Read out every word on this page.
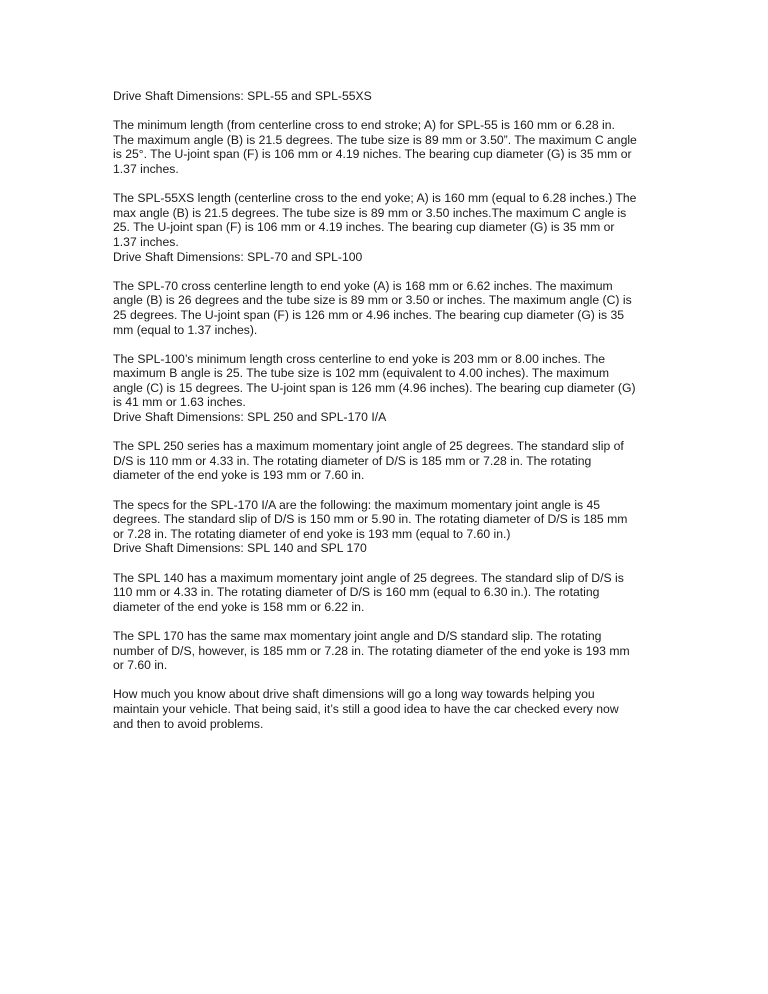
Drive Shaft Dimensions: SPL-55 and SPL-55XS
The minimum length (from centerline cross to end stroke; A) for SPL-55 is 160 mm or 6.28 in.
The maximum angle (B) is 21.5 degrees. The tube size is 89 mm or 3.50”. The maximum C angle
is 25°. The U-joint span (F) is 106 mm or 4.19 niches. The bearing cup diameter (G) is 35 mm or
1.37 inches.
The SPL-55XS length (centerline cross to the end yoke; A) is 160 mm (equal to 6.28 inches.) The
max angle (B) is 21.5 degrees. The tube size is 89 mm or 3.50 inches.The maximum C angle is
25. The U-joint span (F) is 106 mm or 4.19 inches. The bearing cup diameter (G) is 35 mm or
1.37 inches.
Drive Shaft Dimensions: SPL-70 and SPL-100
The SPL-70 cross centerline length to end yoke (A) is 168 mm or 6.62 inches. The maximum
angle (B) is 26 degrees and the tube size is 89 mm or 3.50 or inches. The maximum angle (C) is
25 degrees. The U-joint span (F) is 126 mm or 4.96 inches. The bearing cup diameter (G) is 35
mm (equal to 1.37 inches).
The SPL-100’s minimum length cross centerline to end yoke is 203 mm or 8.00 inches. The
maximum B angle is 25. The tube size is 102 mm (equivalent to 4.00 inches). The maximum
angle (C) is 15 degrees. The U-joint span is 126 mm (4.96 inches). The bearing cup diameter (G)
is 41 mm or 1.63 inches.
Drive Shaft Dimensions: SPL 250 and SPL-170 I/A
The SPL 250 series has a maximum momentary joint angle of 25 degrees. The standard slip of
D/S is 110 mm or 4.33 in. The rotating diameter of D/S is 185 mm or 7.28 in. The rotating
diameter of the end yoke is 193 mm or 7.60 in.
The specs for the SPL-170 I/A are the following: the maximum momentary joint angle is 45
degrees. The standard slip of D/S is 150 mm or 5.90 in. The rotating diameter of D/S is 185 mm
or 7.28 in. The rotating diameter of end yoke is 193 mm (equal to 7.60 in.)
Drive Shaft Dimensions: SPL 140 and SPL 170
The SPL 140 has a maximum momentary joint angle of 25 degrees. The standard slip of D/S is
110 mm or 4.33 in. The rotating diameter of D/S is 160 mm (equal to 6.30 in.). The rotating
diameter of the end yoke is 158 mm or 6.22 in.
The SPL 170 has the same max momentary joint angle and D/S standard slip. The rotating
number of D/S, however, is 185 mm or 7.28 in. The rotating diameter of the end yoke is 193 mm
or 7.60 in.
How much you know about drive shaft dimensions will go a long way towards helping you
maintain your vehicle. That being said, it’s still a good idea to have the car checked every now
and then to avoid problems.
